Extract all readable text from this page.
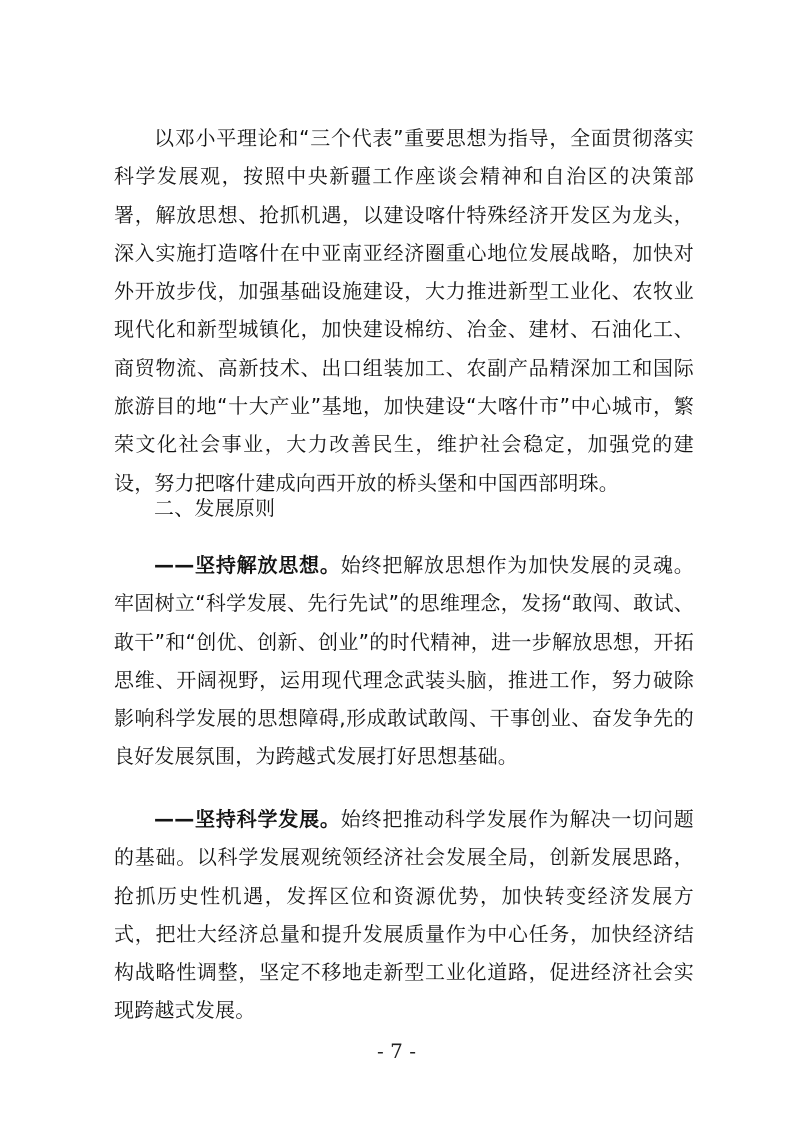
以邓小平理论和“三个代表”重要思想为指导，全面贯彻落实科学发展观，按照中央新疆工作座谈会精神和自治区的决策部署，解放思想、抢抓机遇，以建设喀什特殊经济开发区为龙头，深入实施打造喀什在中亚南亚经济圈重心地位发展战略，加快对外开放步伐，加强基础设施建设，大力推进新型工业化、农牧业现代化和新型城镇化，加快建设棉纺、冶金、建材、石油化工、商贸物流、高新技术、出口组装加工、农副产品精深加工和国际旅游目的地“十大产业”基地，加快建设“大喀什市”中心城市，繁荣文化社会事业，大力改善民生，维护社会稳定，加强党的建设，努力把喀什建成向西开放的桥头堡和中国西部明珠。

二、发展原则

——坚持解放思想。始终把解放思想作为加快发展的灵魂。牢固树立“科学发展、先行先试”的思维理念，发扬“敢闯、敢试、敢干”和“创优、创新、创业”的时代精神，进一步解放思想，开拓思维、开阔视野，运用现代理念武装头脑，推进工作，努力破除影响科学发展的思想障碍,形成敢试敢闯、干事创业、奋发争先的良好发展氛围，为跨越式发展打好思想基础。

——坚持科学发展。始终把推动科学发展作为解决一切问题的基础。以科学发展观统领经济社会发展全局，创新发展思路，抢抓历史性机遇，发挥区位和资源优势，加快转变经济发展方式，把壮大经济总量和提升发展质量作为中心任务，加快经济结构战略性调整，坚定不移地走新型工业化道路，促进经济社会实现跨越式发展。

- 7 -
